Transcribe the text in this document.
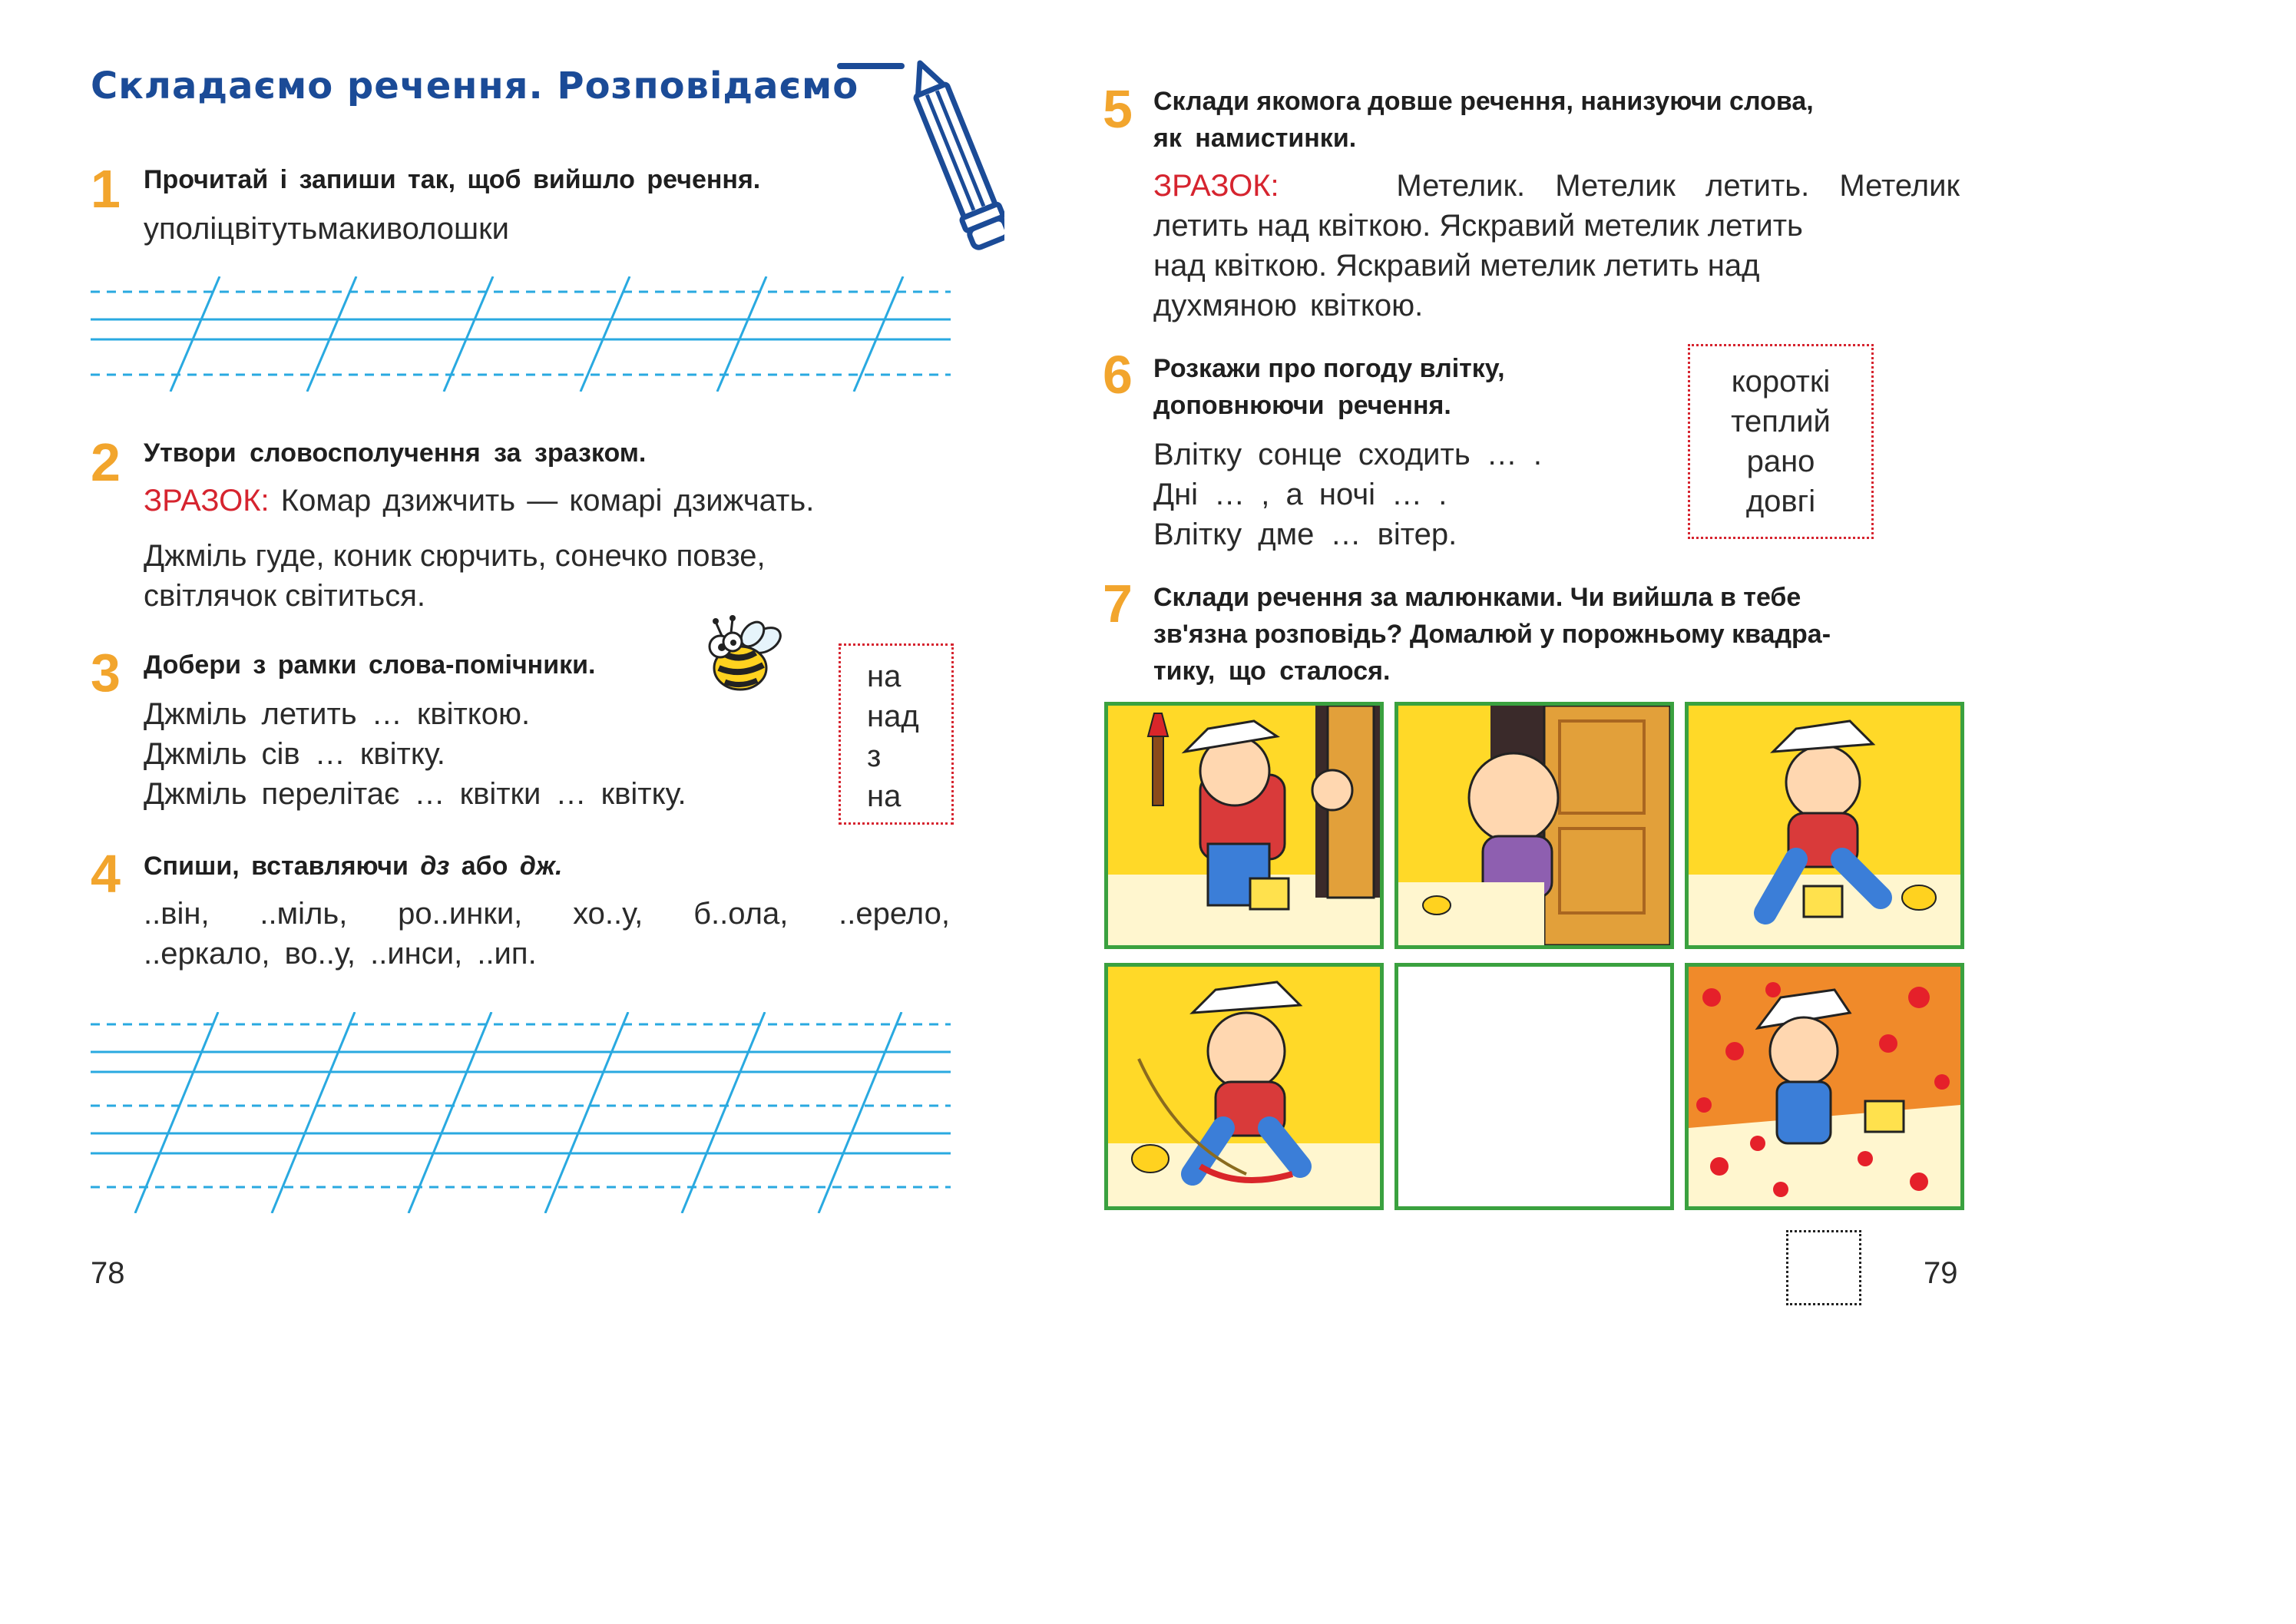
Складаємо речення. Розповідаємо
1 Прочитай і запиши так, щоб вийшло речення.
уполіцвітутьмакиволошки
2 Утвори словосполучення за зразком.
ЗРАЗОК: Комар дзижчить — комарі дзижчать.
Джміль гуде, коник сюрчить, сонечко повзе,
світлячок світиться.
3 Добери з рамки слова-помічники.
Джміль летить … квіткою.
Джміль сів … квітку.
Джміль перелітає … квітки … квітку.
на
над
з
на
4 Спиши, вставляючи дз або дж.
..він, ..міль, ро..инки, хо..у, б..ола, ..ерело,
..еркало, во..у, ..инси, ..ип.
78
5 Склади якомога довше речення, нанизуючи слова,
як намистинки.
ЗРАЗОК:	Метелик. Метелик летить. Метелик
летить над квіткою. Яскравий метелик летить
над квіткою. Яскравий метелик летить над
духмяною квіткою.
6 Розкажи про погоду влітку,
доповнюючи речення.
Влітку сонце сходить … .
Дні … , а ночі … .
Влітку дме … вітер.
короткі
теплий
рано
довгі
7 Склади речення за малюнками. Чи вийшла в тебе
зв'язна розповідь? Домалюй у порожньому квадра-
тику, що сталося.
79
